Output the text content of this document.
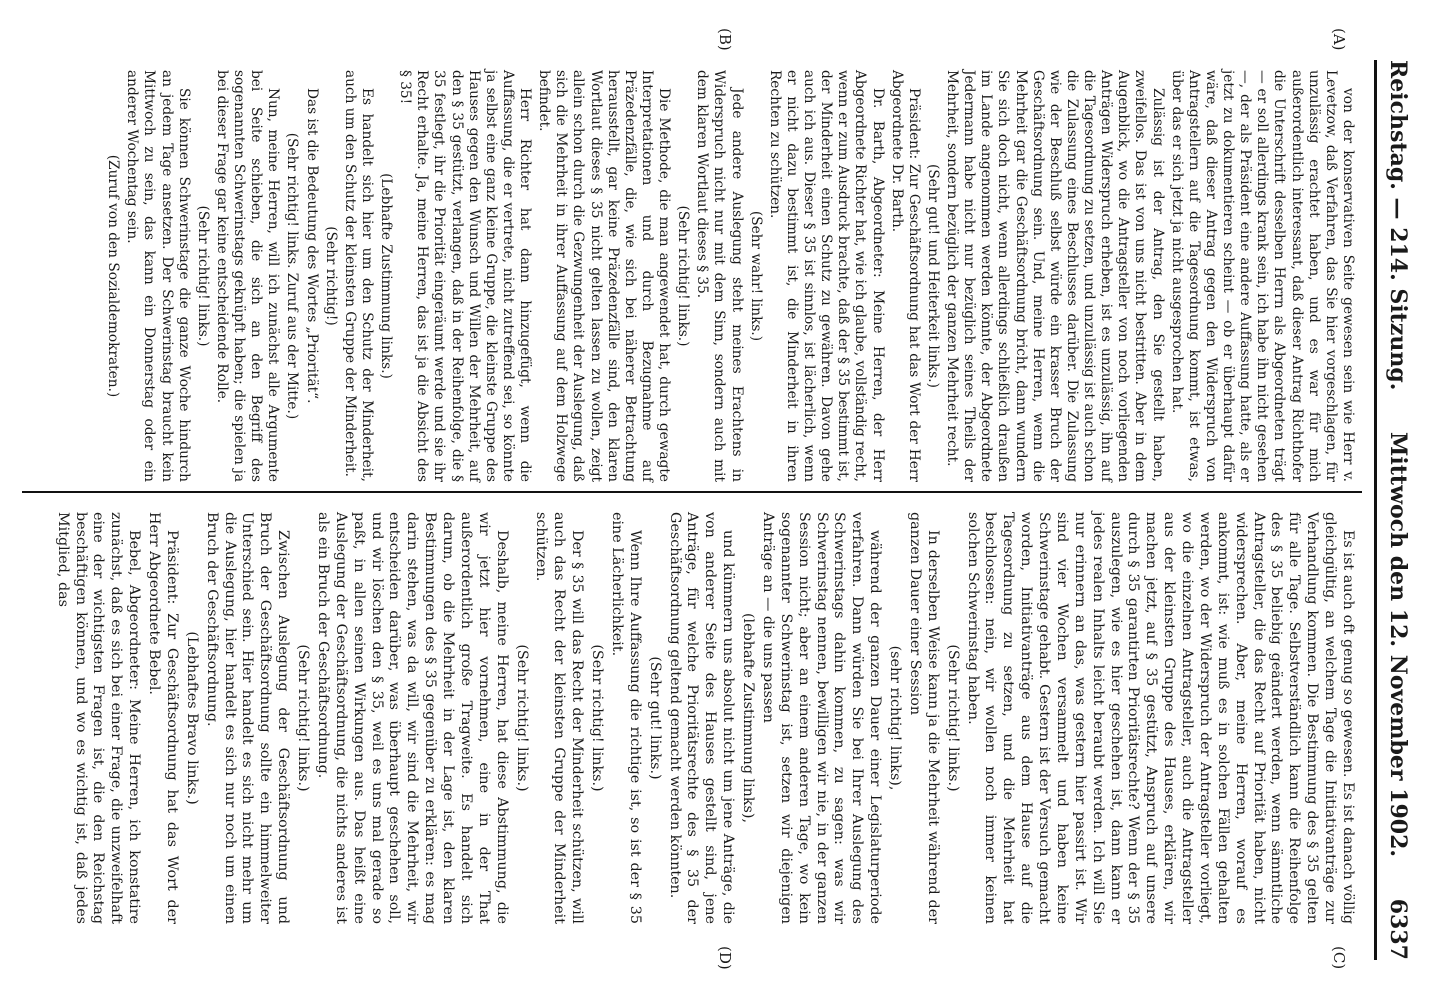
Reichstag. — 214. Sitzung.
Mittwoch den 12. November 1902.
6337
(A)
(B)
(C)
(D)

von der konservativen Seite gewesen sein wie Herr v. Levetzow, daß Verfahren, das Sie hier vorgeschlagen, für unzulässig erachtet haben, und es war für mich außerordentlich interessant, daß dieser Antrag Richthofer die Unterschrift desselben Herrn als Abgeordneten trägt — er soll allerdings krank sein, ich habe ihn nicht gesehen —, der als Präsident eine andere Auffassung hatte, als er jetzt zu dokumentieren scheint — ob er überhaupt dafür wäre, daß dieser Antrag gegen den Widerspruch von Antragstellern auf die Tagesordnung kommt, ist etwas, über das er sich jetzt ja nicht ausgesprochen hat.

Zulässig ist der Antrag, den Sie gestellt haben, zweifellos. Das ist von uns nicht bestritten. Aber in dem Augenblick, wo die Antragsteller von noch vorliegenden Anträgen Widerspruch erheben, ist es unzulässig, ihn auf die Tagesordnung zu setzen, und unzulässig ist auch schon die Zulassung eines Beschlusses darüber. Die Zulassung wie der Beschluß selbst würde ein krasser Bruch der Geschäftsordnung sein. Und, meine Herren, wenn die Mehrheit gar die Geschäftsordnung bricht, dann wundern Sie sich doch nicht, wenn allerdings schließlich draußen im Lande angenommen werden könnte, der Abgeordnete Jedermann habe nicht nur bezüglich seines Theils der Mehrheit, sondern bezüglich der ganzen Mehrheit recht.

(Sehr gut! und Heiterkeit links.)

Präsident: Zur Geschäftsordnung hat das Wort der Herr Abgeordnete Dr. Barth.

Dr. Barth, Abgeordneter: Meine Herren, der Herr Abgeordnete Richter hat, wie ich glaube, vollständig recht, wenn er zum Ausdruck brachte, daß der § 35 bestimmt ist, der Minderheit einen Schutz zu gewähren. Davon gehe auch ich aus. Dieser § 35 ist sinnlos, ist lächerlich, wenn er nicht dazu bestimmt ist, die Minderheit in ihren Rechten zu schützen.

(Sehr wahr! links.)

Jede andere Auslegung steht meines Erachtens in Widerspruch nicht nur mit dem Sinn, sondern auch mit dem klaren Wortlaut dieses § 35.

(Sehr richtig! links.)

Die Methode, die man angewendet hat, durch gewagte Interpretationen und durch Bezugnahme auf Präzedenzfälle, die, wie sich bei näherer Betrachtung herausstellt, gar keine Präzedenzfälle sind, den klaren Wortlaut dieses § 35 nicht gelten lassen zu wollen, zeigt allein schon durch die Gezwungenheit der Auslegung, daß sich die Mehrheit in ihrer Auffassung auf dem Holzwege befindet.

Herr Richter hat dann hinzugefügt, wenn die Auffassung, die er vertrete, nicht zutreffend sei, so könnte ja selbst eine ganz kleine Gruppe, die kleinste Gruppe des Hauses gegen den Wunsch und Willen der Mehrheit, auf den § 35 gestützt, verlangen, daß in der Reihenfolge, die § 35 festlegt, ihr die Priorität eingeräumt werde und sie ihr Recht erhalte. Ja, meine Herren, das ist ja die Absicht des § 35!

(Lebhafte Zustimmung links.)

Es handelt sich hier um den Schutz der Minderheit, auch um den Schutz der kleinsten Gruppe der Minderheit.

(Sehr richtig!)

Das ist die Bedeutung des Wortes „Priorität“.

(Sehr richtig! links. Zuruf aus der Mitte.)

Nun, meine Herren, will ich zunächst alle Argumente bei Seite schieben, die sich an den Begriff des sogenannten Schwerinstags geknüpft haben; die spielen ja bei dieser Frage gar keine entscheidende Rolle.

(Sehr richtig! links.)

Sie können Schwerinstage die ganze Woche hindurch an jedem Tage ansetzen. Der Schwerinstag braucht kein Mittwoch zu sein, das kann ein Donnerstag oder ein anderer Wochentag sein.

(Zuruf von den Sozialdemokraten.)

Es ist auch oft genug so gewesen. Es ist danach völlig gleichgültig, an welchem Tage die Initiativanträge zur Verhandlung kommen. Die Bestimmung des § 35 gelten für alle Tage. Selbstverständlich kann die Reihenfolge des § 35 beliebig geändert werden, wenn sämmtliche Antragsteller, die das Recht auf Priorität haben, nicht widersprechen. Aber, meine Herren, worauf es ankommt, ist: wie muß es in solchen Fällen gehalten werden, wo der Widerspruch der Antragsteller vorliegt, wo die einzelnen Antragsteller, auch die Antragsteller aus der kleinsten Gruppe des Hauses, erklären, wir machen jetzt, auf § 35 gestützt, Anspruch auf unsere durch § 35 garantirten Prioritätsrechte? Wenn der § 35 auszulegen, wie es hier geschehen ist, dann kann er jedes realen Inhalts leicht beraubt werden. Ich will Sie nur erinnern an das, was gestern hier passirt ist. Wir sind vier Wochen versammelt und haben keine Schwerinstage gehabt. Gestern ist der Versuch gemacht worden, Initiativanträge aus dem Hause auf die Tagesordnung zu setzen, und die Mehrheit hat beschlossen: nein, wir wollen noch immer keinen solchen Schwerinstag haben.

(Sehr richtig! links.)

In derselben Weise kann ja die Mehrheit während der ganzen Dauer einer Session

(sehr richtig! links),

während der ganzen Dauer einer Legislaturperiode verfahren. Dann würden Sie bei Ihrer Auslegung des Schwerinstags dahin kommen, zu sagen: was wir Schwerinstag nennen, bewilligen wir nie, in der ganzen Session nicht; aber an einem anderen Tage, wo kein sogenannter Schwerinstag ist, setzen wir diejenigen Anträge an — die uns passen

(lebhafte Zustimmung links),

und kümmern uns absolut nicht um jene Anträge, die von anderer Seite des Hauses gestellt sind, jene Anträge, für welche Prioritätsrechte des § 35 der Geschäftsordnung geltend gemacht werden könnten.

(Sehr gut! links.)

Wenn Ihre Auffassung die richtige ist, so ist der § 35 eine Lächerlichkeit.

(Sehr richtig! links.)

Der § 35 will das Recht der Minderheit schützen, will auch das Recht der kleinsten Gruppe der Minderheit schützen.

(Sehr richtig! links.)

Deshalb, meine Herren, hat diese Abstimmung, die wir jetzt hier vornehmen, eine in der That außerordentlich große Tragweite. Es handelt sich darum, ob die Mehrheit in der Lage ist, den klaren Bestimmungen des § 35 gegenüber zu erklären: es mag darin stehen, was da will, wir sind die Mehrheit, wir entscheiden darüber, was überhaupt geschehen soll, und wir löschen den § 35, weil es uns mal gerade so paßt, in allen seinen Wirkungen aus. Das heißt eine Auslegung der Geschäftsordnung, die nichts anderes ist als ein Bruch der Geschäftsordnung.

(Sehr richtig! links.)

Zwischen Auslegung der Geschäftsordnung und Bruch der Geschäftsordnung sollte ein himmelweiter Unterschied sein. Hier handelt es sich nicht mehr um die Auslegung, hier handelt es sich nur noch um einen Bruch der Geschäftsordnung.

(Lebhaftes Bravo links.)

Präsident: Zur Geschäftsordnung hat das Wort der Herr Abgeordnete Bebel.

Bebel, Abgeordneter: Meine Herren, ich konstatire zunächst, daß es sich bei einer Frage, die unzweifelhaft eine der wichtigsten Fragen ist, die den Reichstag beschäftigen können, und wo es wichtig ist, daß jedes Mitglied, das
